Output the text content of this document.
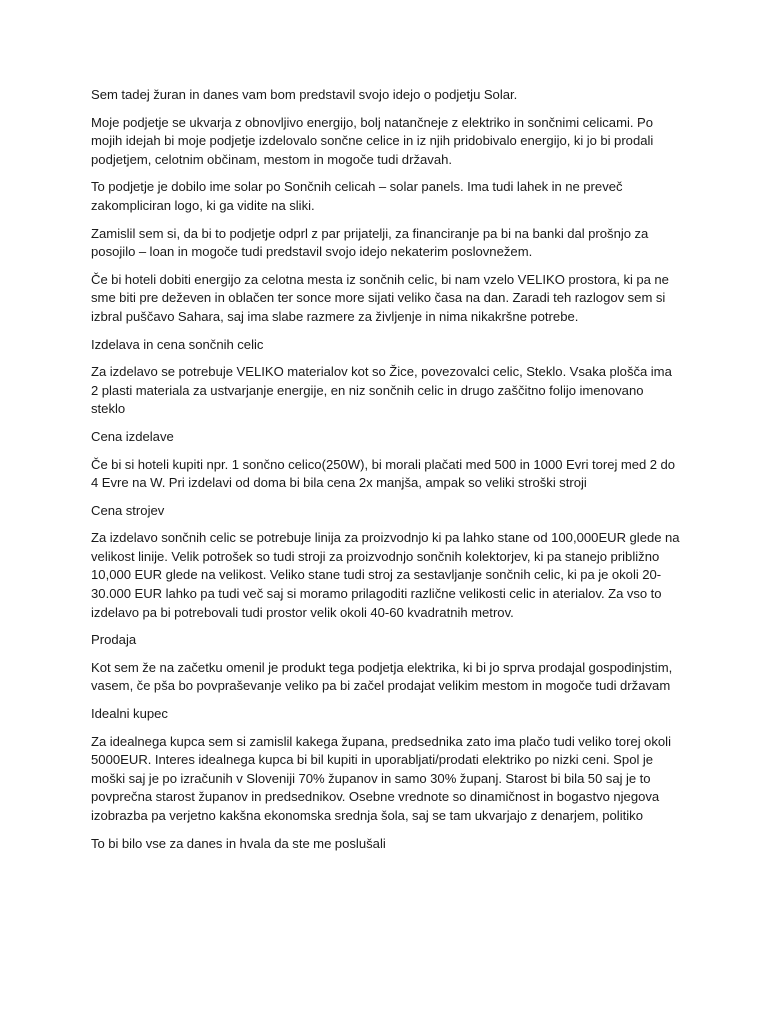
Sem tadej žuran in danes vam bom predstavil svojo idejo o podjetju Solar.

Moje podjetje se ukvarja z obnovljivo energijo, bolj natančneje z elektriko in sončnimi celicami. Po mojih idejah bi moje podjetje izdelovalo sončne celice in iz njih pridobivalo energijo, ki jo bi prodali podjetjem, celotnim občinam, mestom in mogoče tudi državah.

To podjetje je dobilo ime solar po Sončnih celicah – solar panels. Ima tudi lahek in ne preveč zakompliciran logo, ki ga vidite na sliki.

Zamislil sem si, da bi to podjetje odprl z par prijatelji, za financiranje pa bi na banki dal prošnjo za posojilo – loan in mogoče tudi predstavil svojo idejo nekaterim poslovnežem.

Če bi hoteli dobiti energijo za celotna mesta iz sončnih celic, bi nam vzelo VELIKO prostora, ki pa ne sme biti pre deževen in oblačen ter sonce more sijati veliko časa na dan. Zaradi teh razlogov sem si izbral puščavo Sahara, saj ima slabe razmere za življenje in nima nikakršne potrebe.

Izdelava in cena sončnih celic

Za izdelavo se potrebuje VELIKO materialov kot so Žice, povezovalci celic, Steklo. Vsaka plošča ima 2 plasti materiala za ustvarjanje energije, en niz sončnih celic in drugo zaščitno folijo imenovano steklo

Cena izdelave

Če bi si hoteli kupiti npr. 1 sončno celico(250W), bi morali plačati med 500 in 1000 Evri torej med 2 do 4 Evre na W. Pri izdelavi od doma bi bila cena 2x manjša, ampak so veliki stroški stroji

Cena strojev

Za izdelavo sončnih celic se potrebuje linija za proizvodnjo ki pa lahko stane od 100,000EUR glede na velikost linije. Velik potrošek so tudi stroji za proizvodnjo sončnih kolektorjev, ki pa stanejo približno 10,000 EUR glede na velikost. Veliko stane tudi stroj za sestavljanje sončnih celic, ki pa je okoli 20-30.000 EUR lahko pa tudi več saj si moramo prilagoditi različne velikosti celic in aterialov. Za vso to izdelavo pa bi potrebovali tudi prostor velik okoli 40-60 kvadratnih metrov.

Prodaja

Kot sem že na začetku omenil je produkt tega podjetja elektrika, ki bi jo sprva prodajal gospodinjstim, vasem, če pša bo povpraševanje veliko pa bi začel prodajat velikim mestom in mogoče tudi državam

Idealni kupec

Za idealnega kupca sem si zamislil kakega župana, predsednika zato ima plačo tudi veliko torej okoli 5000EUR. Interes idealnega kupca bi bil kupiti in uporabljati/prodati elektriko po nizki ceni. Spol je moški saj je po izračunih v Sloveniji 70% županov in samo 30% županj. Starost bi bila 50 saj je to povprečna starost županov in predsednikov. Osebne vrednote so dinamičnost in bogastvo njegova izobrazba pa verjetno kakšna ekonomska srednja šola, saj se tam ukvarjajo z denarjem, politiko

To bi bilo vse za danes in hvala da ste me poslušali
